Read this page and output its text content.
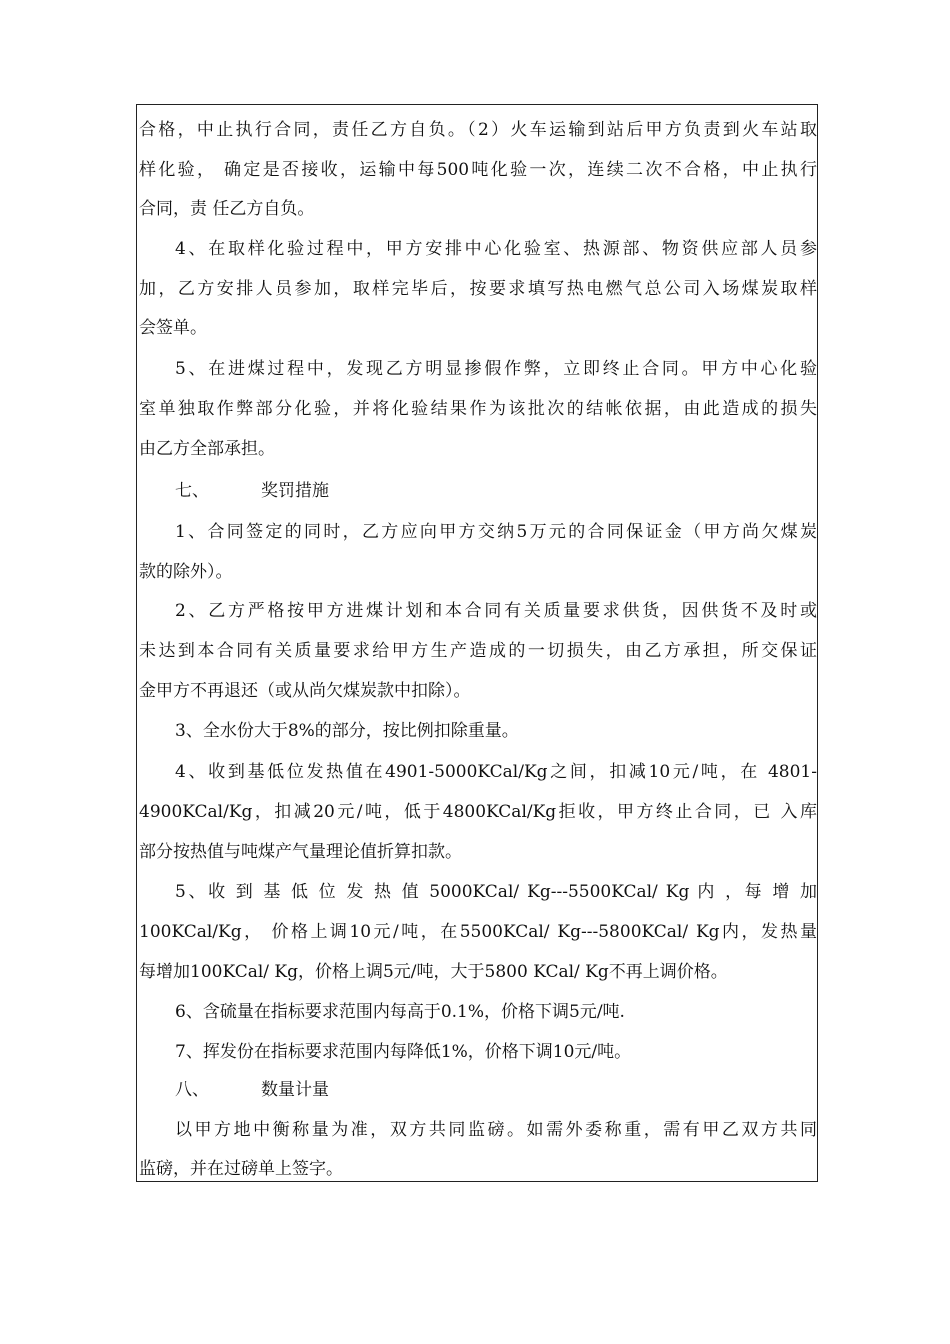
合格，中止执行合同，责任乙方自负。（2）火车运输到站后甲方负责到火车站取
样化验， 确定是否接收，运输中每500吨化验一次，连续二次不合格，中止执行
合同，责 任乙方自负。
4、在取样化验过程中，甲方安排中心化验室、热源部、物资供应部人员参
加，乙方安排人员参加，取样完毕后，按要求填写热电燃气总公司入场煤炭取样
会签单。
5、在进煤过程中，发现乙方明显掺假作弊，立即终止合同。甲方中心化验
室单独取作弊部分化验，并将化验结果作为该批次的结帐依据，由此造成的损失
由乙方全部承担。
七、	奖罚措施
1、合同签定的同时，乙方应向甲方交纳5万元的合同保证金（甲方尚欠煤炭
款的除外）。
2、乙方严格按甲方进煤计划和本合同有关质量要求供货，因供货不及时或
未达到本合同有关质量要求给甲方生产造成的一切损失，由乙方承担，所交保证
金甲方不再退还（或从尚欠煤炭款中扣除）。
3、全水份大于8%的部分，按比例扣除重量。
4、收到基低位发热值在4901-5000KCal/Kg之间，扣减10元/吨，在 4801-
4900KCal/Kg，扣减20元/吨，低于4800KCal/Kg拒收，甲方终止合同，已 入库
部分按热值与吨煤产气量理论值折算扣款。
5、收 到 基 低 位 发 热 值 5000KCal/ Kg---5500KCal/ Kg 内 ，每 增 加
100KCal/Kg， 价格上调10元/吨，在5500KCal/ Kg---5800KCal/ Kg内，发热量
每增加100KCal/ Kg，价格上调5元/吨，大于5800 KCal/ Kg不再上调价格。
6、含硫量在指标要求范围内每高于0.1%，价格下调5元/吨.
7、挥发份在指标要求范围内每降低1%，价格下调10元/吨。
八、	数量计量
以甲方地中衡称量为准，双方共同监磅。如需外委称重，需有甲乙双方共同
监磅，并在过磅单上签字。
